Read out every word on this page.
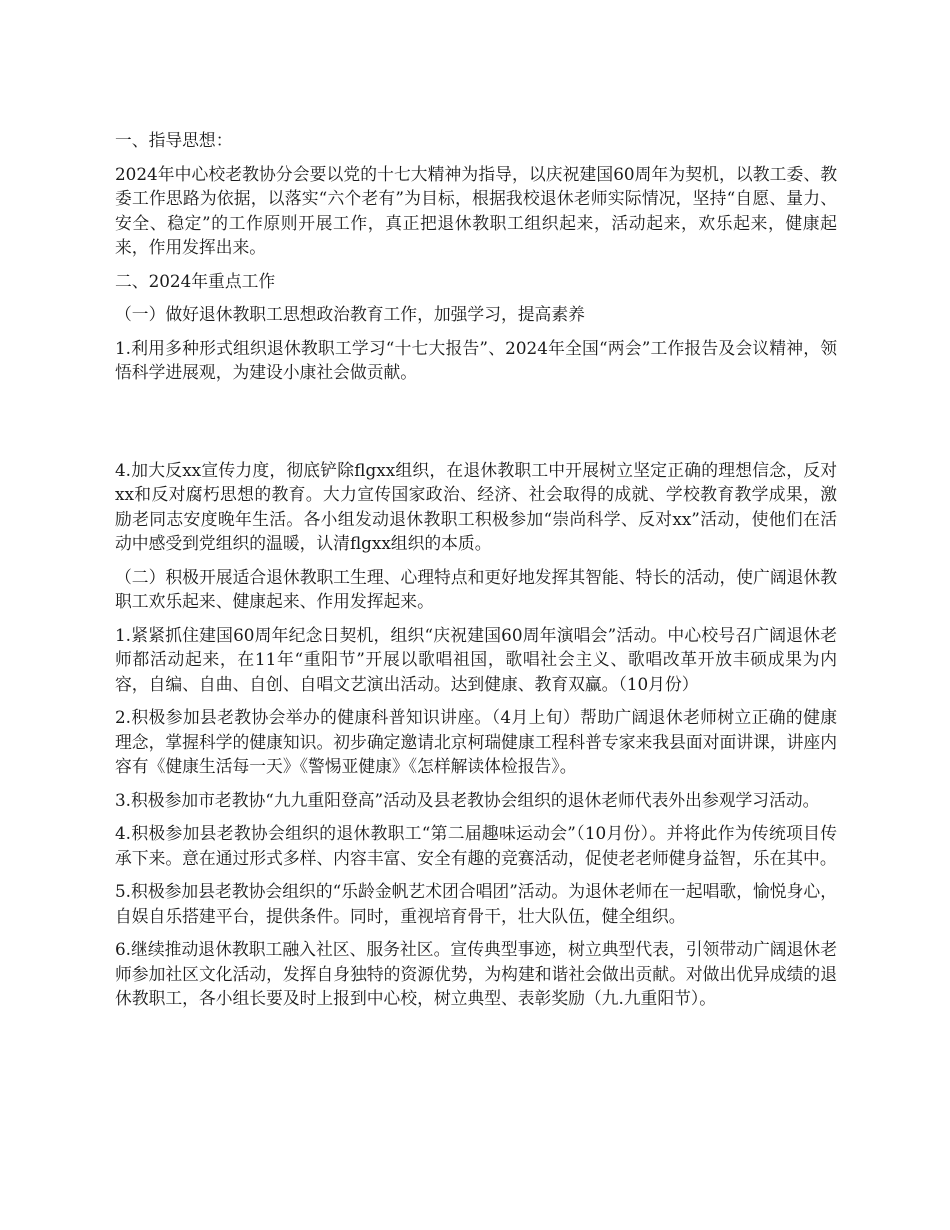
一、指导思想：

2024年中心校老教协分会要以党的十七大精神为指导，以庆祝建国60周年为契机，以教工委、教委工作思路为依据，以落实“六个老有”为目标，根据我校退休老师实际情况，坚持“自愿、量力、安全、稳定”的工作原则开展工作，真正把退休教职工组织起来，活动起来，欢乐起来，健康起来，作用发挥出来。

二、2024年重点工作

（一）做好退休教职工思想政治教育工作，加强学习，提高素养

1.利用多种形式组织退休教职工学习“十七大报告”、2024年全国“两会”工作报告及会议精神，领悟科学进展观，为建设小康社会做贡献。

4.加大反xx宣传力度，彻底铲除flgxx组织，在退休教职工中开展树立坚定正确的理想信念，反对xx和反对腐朽思想的教育。大力宣传国家政治、经济、社会取得的成就、学校教育教学成果，激励老同志安度晚年生活。各小组发动退休教职工积极参加“崇尚科学、反对xx”活动，使他们在活动中感受到党组织的温暖，认清flgxx组织的本质。

（二）积极开展适合退休教职工生理、心理特点和更好地发挥其智能、特长的活动，使广阔退休教职工欢乐起来、健康起来、作用发挥起来。

1.紧紧抓住建国60周年纪念日契机，组织“庆祝建国60周年演唱会”活动。中心校号召广阔退休老师都活动起来，在11年“重阳节”开展以歌唱祖国，歌唱社会主义、歌唱改革开放丰硕成果为内容，自编、自曲、自创、自唱文艺演出活动。达到健康、教育双赢。（10月份）

2.积极参加县老教协会举办的健康科普知识讲座。（4月上旬）帮助广阔退休老师树立正确的健康理念，掌握科学的健康知识。初步确定邀请北京柯瑞健康工程科普专家来我县面对面讲课，讲座内容有《健康生活每一天》《警惕亚健康》《怎样解读体检报告》。

3.积极参加市老教协“九九重阳登高”活动及县老教协会组织的退休老师代表外出参观学习活动。

4.积极参加县老教协会组织的退休教职工“第二届趣味运动会”（10月份）。并将此作为传统项目传承下来。意在通过形式多样、内容丰富、安全有趣的竞赛活动，促使老老师健身益智，乐在其中。

5.积极参加县老教协会组织的“乐龄金帆艺术团合唱团”活动。为退休老师在一起唱歌，愉悦身心，自娱自乐搭建平台，提供条件。同时，重视培育骨干，壮大队伍，健全组织。

6.继续推动退休教职工融入社区、服务社区。宣传典型事迹，树立典型代表，引领带动广阔退休老师参加社区文化活动，发挥自身独特的资源优势，为构建和谐社会做出贡献。对做出优异成绩的退休教职工，各小组长要及时上报到中心校，树立典型、表彰奖励（九.九重阳节）。
